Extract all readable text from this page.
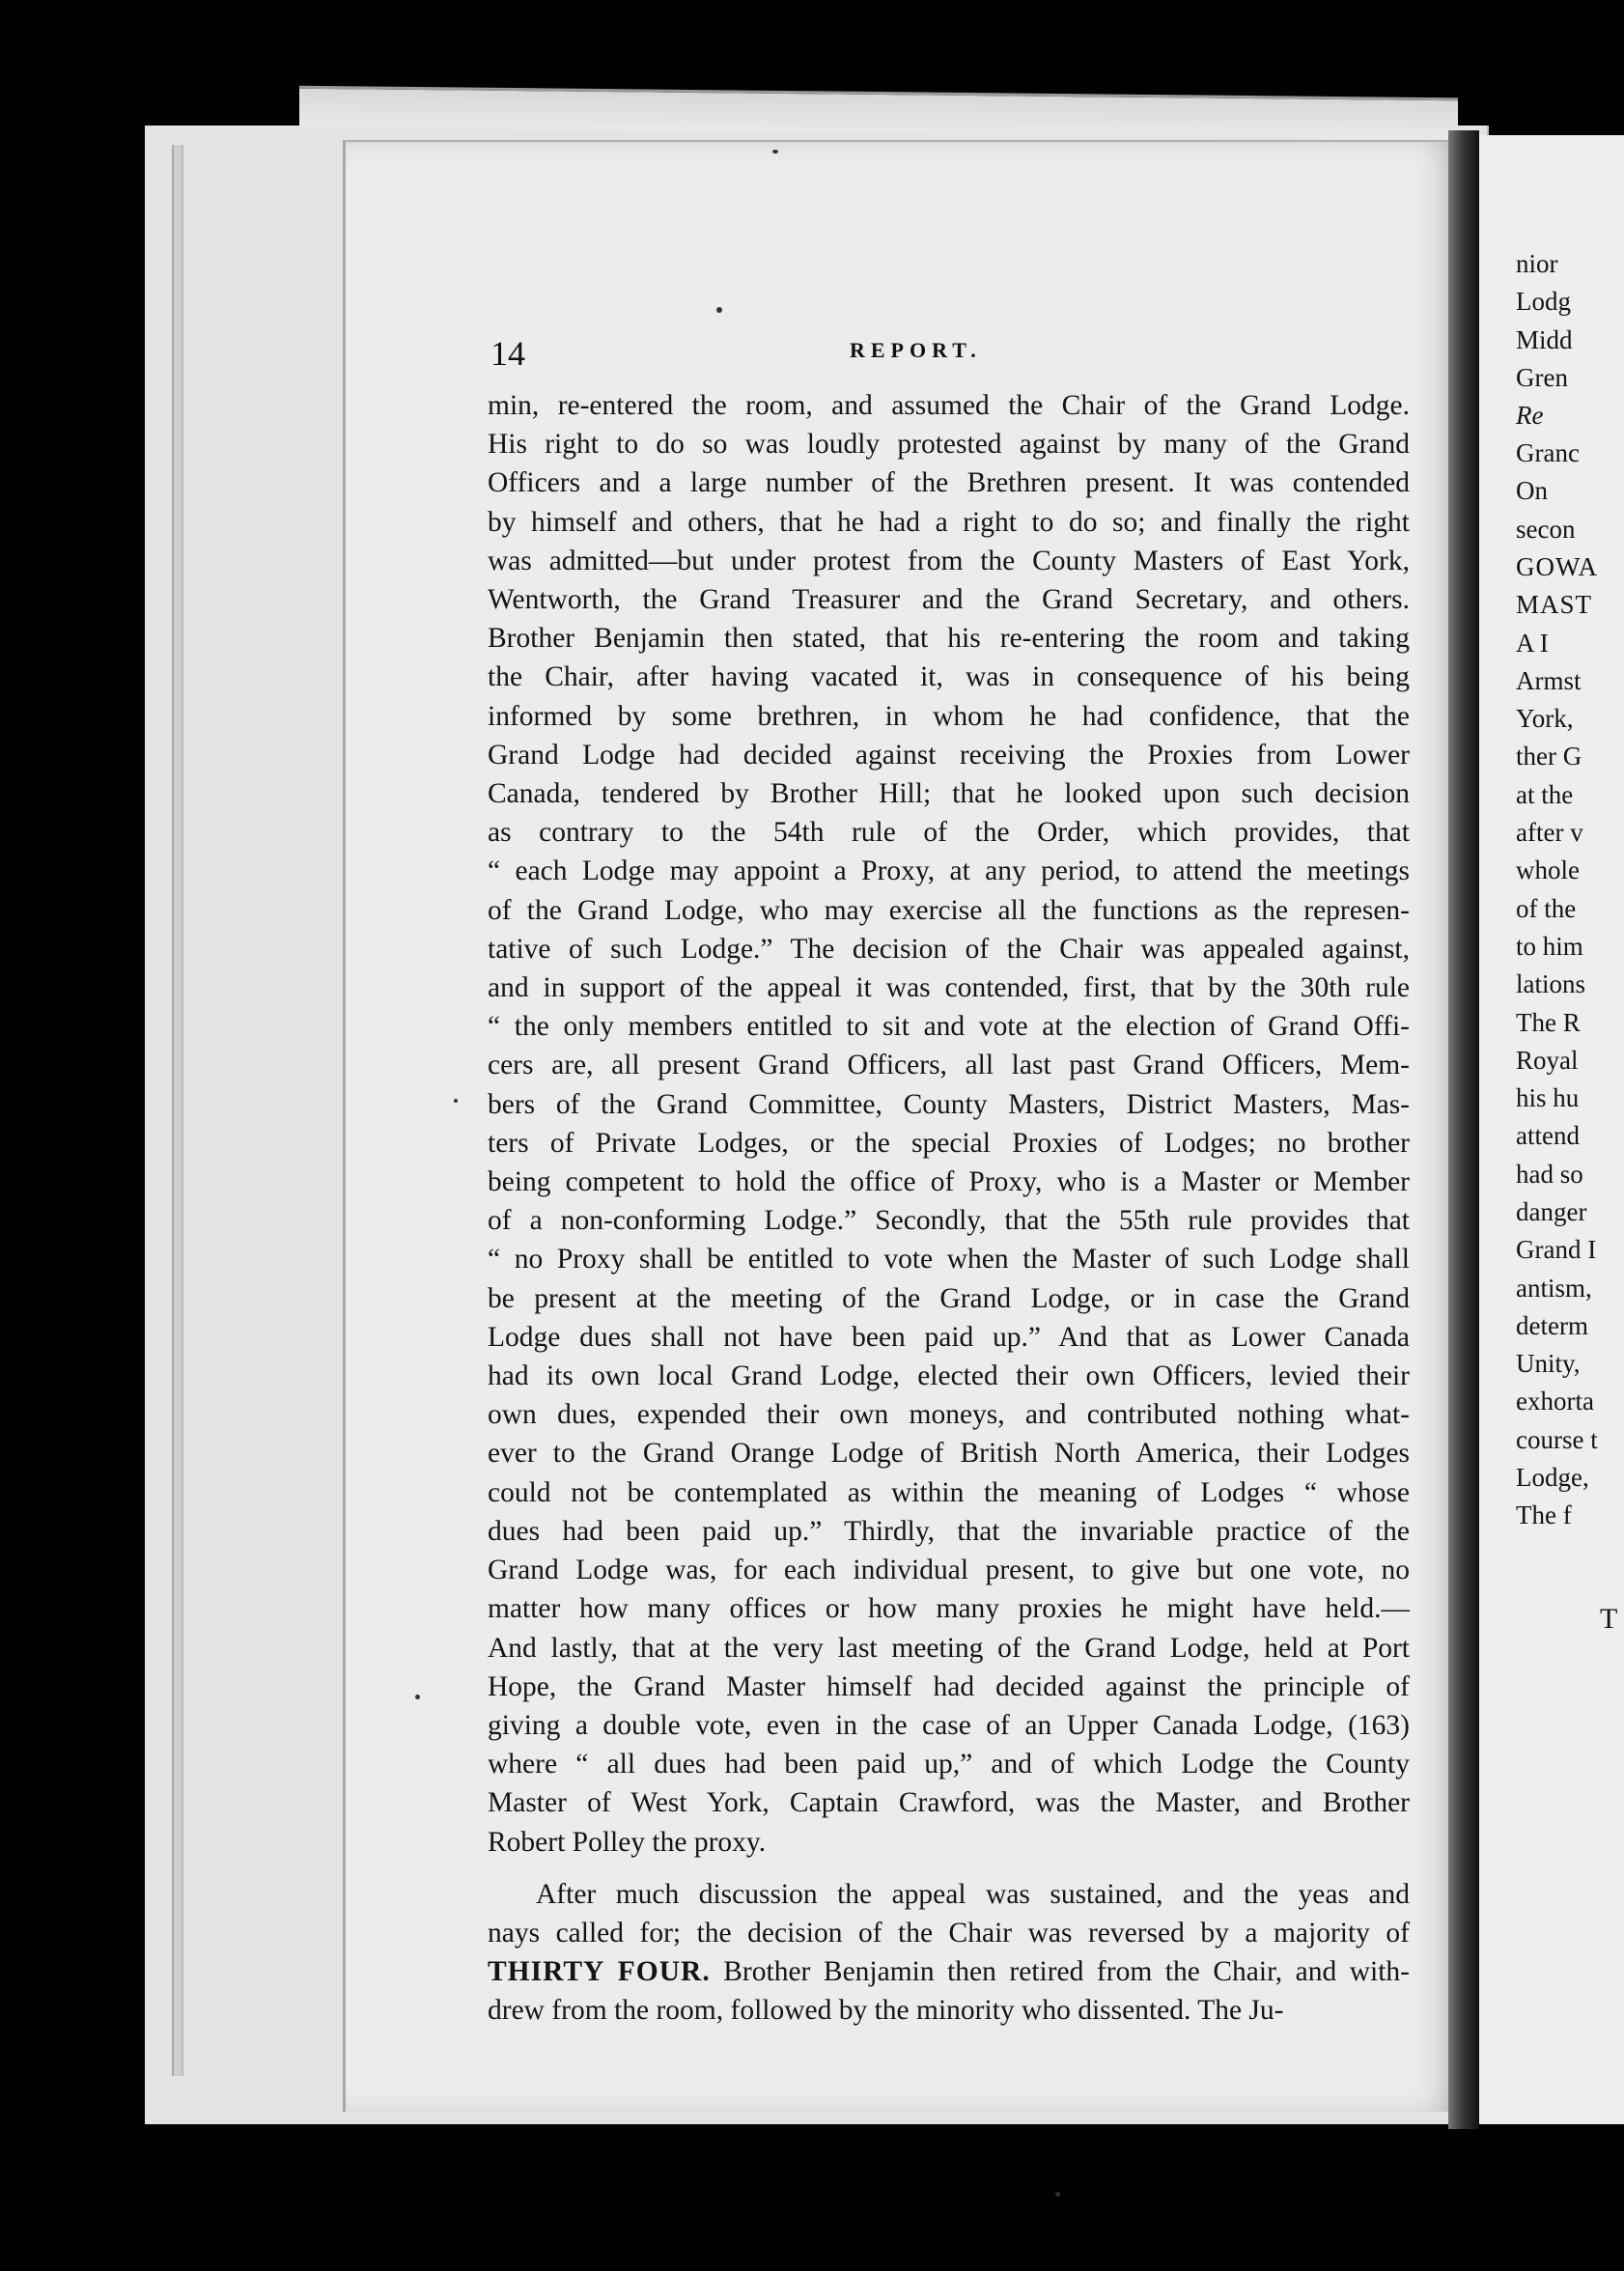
nior
Lodg
Midd
Gren
Re
Granc
On
secon
GOWA
MAST
A I
Armst
York,
ther G
at the
after v
whole
of the
to him
lations
The R
Royal
his hu
attend
had so
danger
Grand I
antism,
determ
Unity,
exhorta
course t
Lodge,
The f
T
14	REPORT.
min, re-entered the room, and assumed the Chair of the Grand Lodge.
His right to do so was loudly protested against by many of the Grand
Officers and a large number of the Brethren present. It was contended
by himself and others, that he had a right to do so; and finally the right
was admitted—but under protest from the County Masters of East York,
Wentworth, the Grand Treasurer and the Grand Secretary, and others.
Brother Benjamin then stated, that his re-entering the room and taking
the Chair, after having vacated it, was in consequence of his being
informed by some brethren, in whom he had confidence, that the
Grand Lodge had decided against receiving the Proxies from Lower
Canada, tendered by Brother Hill; that he looked upon such decision
as contrary to the 54th rule of the Order, which provides, that
“ each Lodge may appoint a Proxy, at any period, to attend the meetings
of the Grand Lodge, who may exercise all the functions as the represen-
tative of such Lodge.” The decision of the Chair was appealed against,
and in support of the appeal it was contended, first, that by the 30th rule
“ the only members entitled to sit and vote at the election of Grand Offi-
cers are, all present Grand Officers, all last past Grand Officers, Mem-
bers of the Grand Committee, County Masters, District Masters, Mas-
ters of Private Lodges, or the special Proxies of Lodges; no brother
being competent to hold the office of Proxy, who is a Master or Member
of a non-conforming Lodge.” Secondly, that the 55th rule provides that
“ no Proxy shall be entitled to vote when the Master of such Lodge shall
be present at the meeting of the Grand Lodge, or in case the Grand
Lodge dues shall not have been paid up.” And that as Lower Canada
had its own local Grand Lodge, elected their own Officers, levied their
own dues, expended their own moneys, and contributed nothing what-
ever to the Grand Orange Lodge of British North America, their Lodges
could not be contemplated as within the meaning of Lodges “ whose
dues had been paid up.” Thirdly, that the invariable practice of the
Grand Lodge was, for each individual present, to give but one vote, no
matter how many offices or how many proxies he might have held.—
And lastly, that at the very last meeting of the Grand Lodge, held at Port
Hope, the Grand Master himself had decided against the principle of
giving a double vote, even in the case of an Upper Canada Lodge, (163)
where “ all dues had been paid up,” and of which Lodge the County
Master of West York, Captain Crawford, was the Master, and Brother
Robert Polley the proxy.
After much discussion the appeal was sustained, and the yeas and
nays called for; the decision of the Chair was reversed by a majority of
THIRTY FOUR. Brother Benjamin then retired from the Chair, and with-
drew from the room, followed by the minority who dissented. The Ju-
